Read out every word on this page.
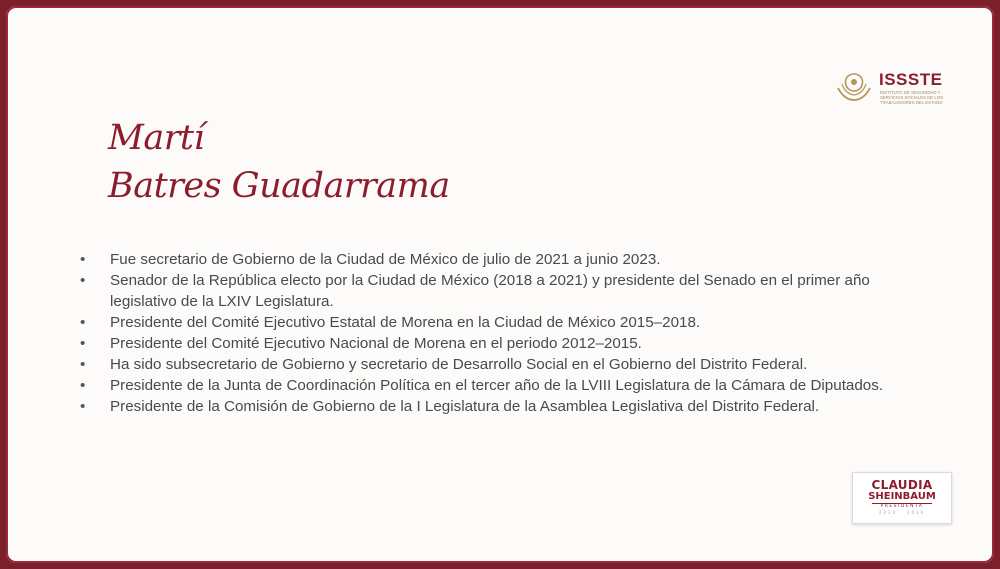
ISSSTE
INSTITUTO DE SEGURIDAD Y SERVICIOS SOCIALES DE LOS TRABAJADORES DEL ESTADO
Martí
Batres Guadarrama
• Fue secretario de Gobierno de la Ciudad de México de julio de 2021 a junio 2023.
• Senador de la República electo por la Ciudad de México (2018 a 2021) y presidente del Senado en el primer año legislativo de la LXIV Legislatura.
• Presidente del Comité Ejecutivo Estatal de Morena en la Ciudad de México 2015–2018.
• Presidente del Comité Ejecutivo Nacional de Morena en el periodo 2012–2015.
• Ha sido subsecretario de Gobierno y secretario de Desarrollo Social en el Gobierno del Distrito Federal.
• Presidente de la Junta de Coordinación Política en el tercer año de la LVIII Legislatura de la Cámara de Diputados.
• Presidente de la Comisión de Gobierno de la I Legislatura de la Asamblea Legislativa del Distrito Federal.
CLAUDIA
SHEINBAUM
PRESIDENTA
2024 · 2030
